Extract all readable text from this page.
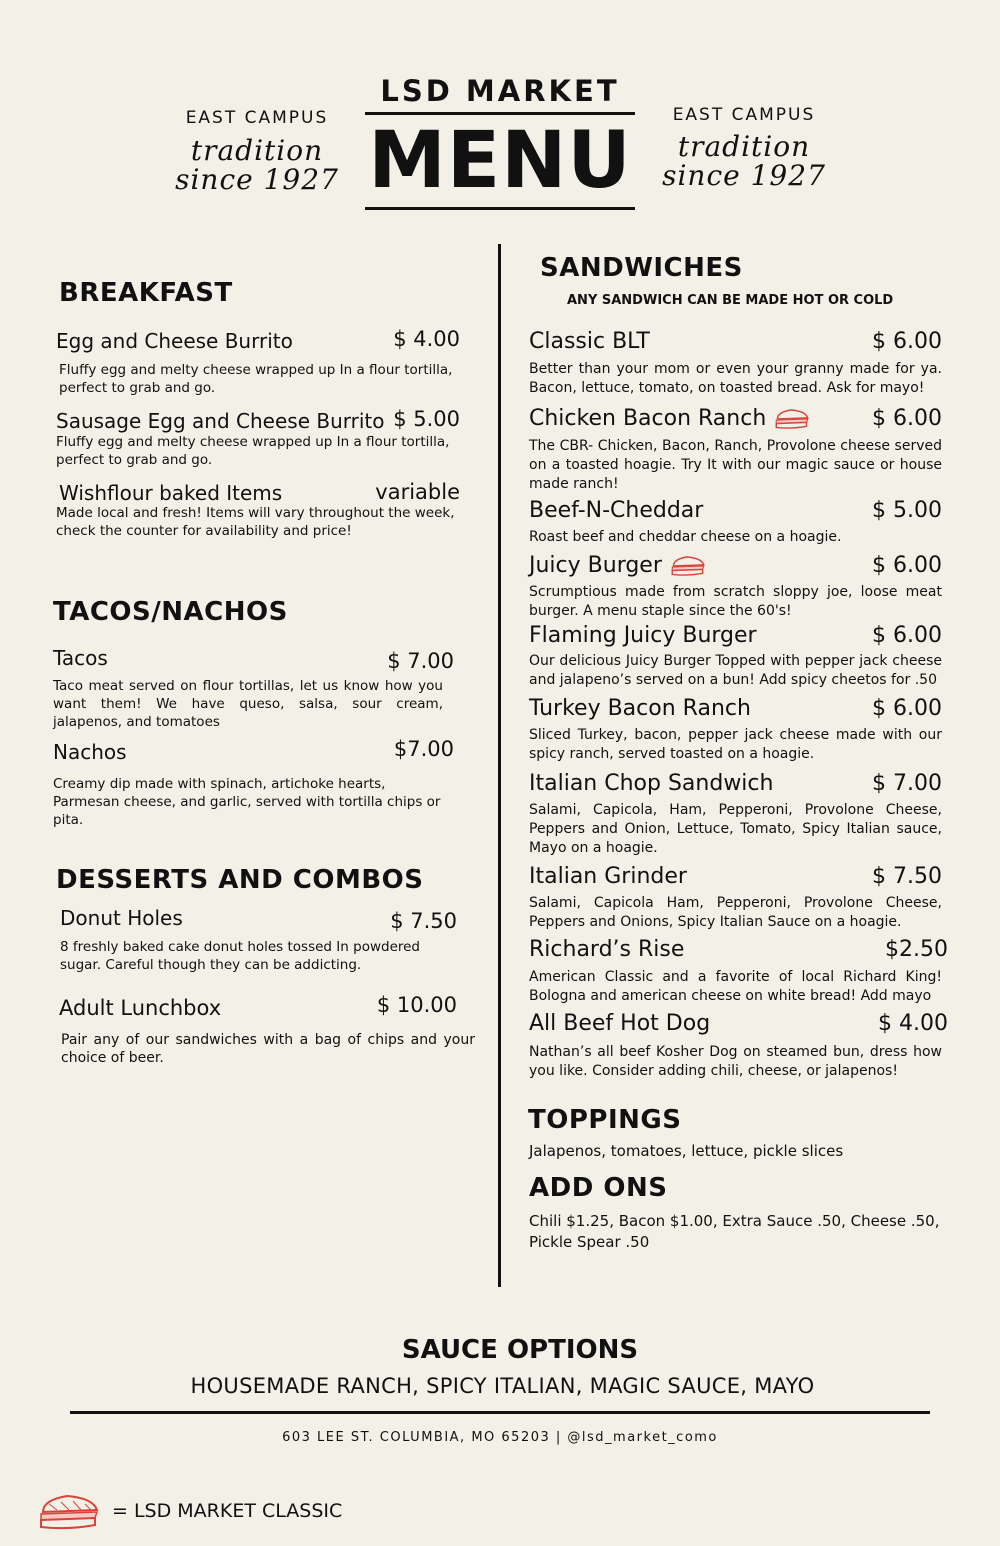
EAST CAMPUS
tradition
since 1927
LSD MARKET
MENU
EAST CAMPUS
tradition
since 1927
BREAKFAST
Egg and Cheese Burrito	$ 4.00
Fluffy egg and melty cheese wrapped up In a flour tortilla, perfect to grab and go.
Sausage Egg and Cheese Burrito $ 5.00
Fluffy egg and melty cheese wrapped up In a flour tortilla, perfect to grab and go.
Wishflour baked Items	variable
Made local and fresh! Items will vary throughout the week, check the counter for availability and price!
TACOS/NACHOS
Tacos	$ 7.00
Taco meat served on flour tortillas, let us know how you want them! We have queso, salsa, sour cream, jalapenos, and tomatoes
Nachos	$7.00
Creamy dip made with spinach, artichoke hearts, Parmesan cheese, and garlic, served with tortilla chips or pita.
DESSERTS AND COMBOS
Donut Holes	$ 7.50
8 freshly baked cake donut holes tossed In powdered sugar. Careful though they can be addicting.
Adult Lunchbox	$ 10.00
Pair any of our sandwiches with a bag of chips and your choice of beer.
SANDWICHES
ANY SANDWICH CAN BE MADE HOT OR COLD
Classic BLT	$ 6.00
Better than your mom or even your granny made for ya. Bacon, lettuce, tomato, on toasted bread. Ask for mayo!
Chicken Bacon Ranch	$ 6.00
The CBR- Chicken, Bacon, Ranch, Provolone cheese served on a toasted hoagie. Try It with our magic sauce or house made ranch!
Beef-N-Cheddar	$ 5.00
Roast beef and cheddar cheese on a hoagie.
Juicy Burger	$ 6.00
Scrumptious made from scratch sloppy joe, loose meat burger. A menu staple since the 60's!
Flaming Juicy Burger	$ 6.00
Our delicious Juicy Burger Topped with pepper jack cheese and jalapeno’s served on a bun! Add spicy cheetos for .50
Turkey Bacon Ranch	$ 6.00
Sliced Turkey, bacon, pepper jack cheese made with our spicy ranch, served toasted on a hoagie.
Italian Chop Sandwich	$ 7.00
Salami, Capicola, Ham, Pepperoni, Provolone Cheese, Peppers and Onion, Lettuce, Tomato, Spicy Italian sauce, Mayo on a hoagie.
Italian Grinder	$ 7.50
Salami, Capicola Ham, Pepperoni, Provolone Cheese, Peppers and Onions, Spicy Italian Sauce on a hoagie.
Richard’s Rise	$2.50
American Classic and a favorite of local Richard King! Bologna and american cheese on white bread! Add mayo
All Beef Hot Dog	$ 4.00
Nathan’s all beef Kosher Dog on steamed bun, dress how you like. Consider adding chili, cheese, or jalapenos!
TOPPINGS
Jalapenos, tomatoes, lettuce, pickle slices
ADD ONS
Chili $1.25, Bacon $1.00, Extra Sauce .50, Cheese .50, Pickle Spear .50
SAUCE OPTIONS
HOUSEMADE RANCH, SPICY ITALIAN, MAGIC SAUCE, MAYO
603 LEE ST. COLUMBIA, MO 65203 | @lsd_market_como
= LSD MARKET CLASSIC
